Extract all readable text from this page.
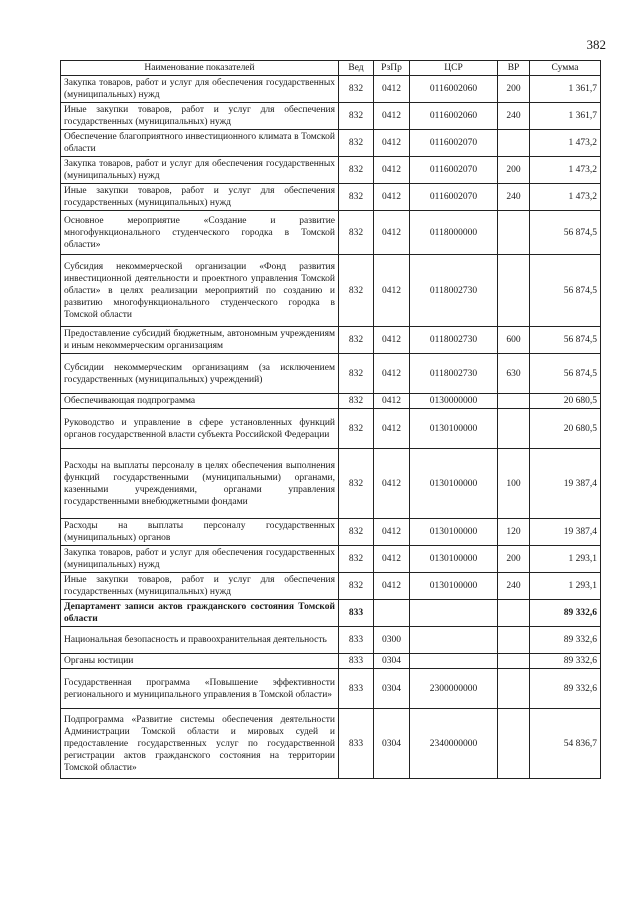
382
Наименование показателей	Вед	РзПр	ЦСР	ВР	Сумма
Закупка товаров, работ и услуг для обеспечения государственных (муниципальных) нужд	832	0412	0116002060	200	1 361,7
Иные закупки товаров, работ и услуг для обеспечения государственных (муниципальных) нужд	832	0412	0116002060	240	1 361,7
Обеспечение благоприятного инвестиционного климата в Томской области	832	0412	0116002070		1 473,2
Закупка товаров, работ и услуг для обеспечения государственных (муниципальных) нужд	832	0412	0116002070	200	1 473,2
Иные закупки товаров, работ и услуг для обеспечения государственных (муниципальных) нужд	832	0412	0116002070	240	1 473,2
Основное мероприятие «Создание и развитие многофункционального студенческого городка в Томской области»	832	0412	0118000000		56 874,5
Субсидия некоммерческой организации «Фонд развития инвестиционной деятельности и проектного управления Томской области» в целях реализации мероприятий по созданию и развитию многофункционального студенческого городка в Томской области	832	0412	0118002730		56 874,5
Предоставление субсидий бюджетным, автономным учреждениям и иным некоммерческим организациям	832	0412	0118002730	600	56 874,5
Субсидии некоммерческим организациям (за исключением государственных (муниципальных) учреждений)	832	0412	0118002730	630	56 874,5
Обеспечивающая подпрограмма	832	0412	0130000000		20 680,5
Руководство и управление в сфере установленных функций органов государственной власти субъекта Российской Федерации	832	0412	0130100000		20 680,5
Расходы на выплаты персоналу в целях обеспечения выполнения функций государственными (муниципальными) органами, казенными учреждениями, органами управления государственными внебюджетными фондами	832	0412	0130100000	100	19 387,4
Расходы на выплаты персоналу государственных (муниципальных) органов	832	0412	0130100000	120	19 387,4
Закупка товаров, работ и услуг для обеспечения государственных (муниципальных) нужд	832	0412	0130100000	200	1 293,1
Иные закупки товаров, работ и услуг для обеспечения государственных (муниципальных) нужд	832	0412	0130100000	240	1 293,1
Департамент записи актов гражданского состояния Томской области	833				89 332,6
Национальная безопасность и правоохранительная деятельность	833	0300			89 332,6
Органы юстиции	833	0304			89 332,6
Государственная программа «Повышение эффективности регионального и муниципального управления в Томской области»	833	0304	2300000000		89 332,6
Подпрограмма «Развитие системы обеспечения деятельности Администрации Томской области и мировых судей и предоставление государственных услуг по государственной регистрации актов гражданского состояния на территории Томской области»	833	0304	2340000000		54 836,7
